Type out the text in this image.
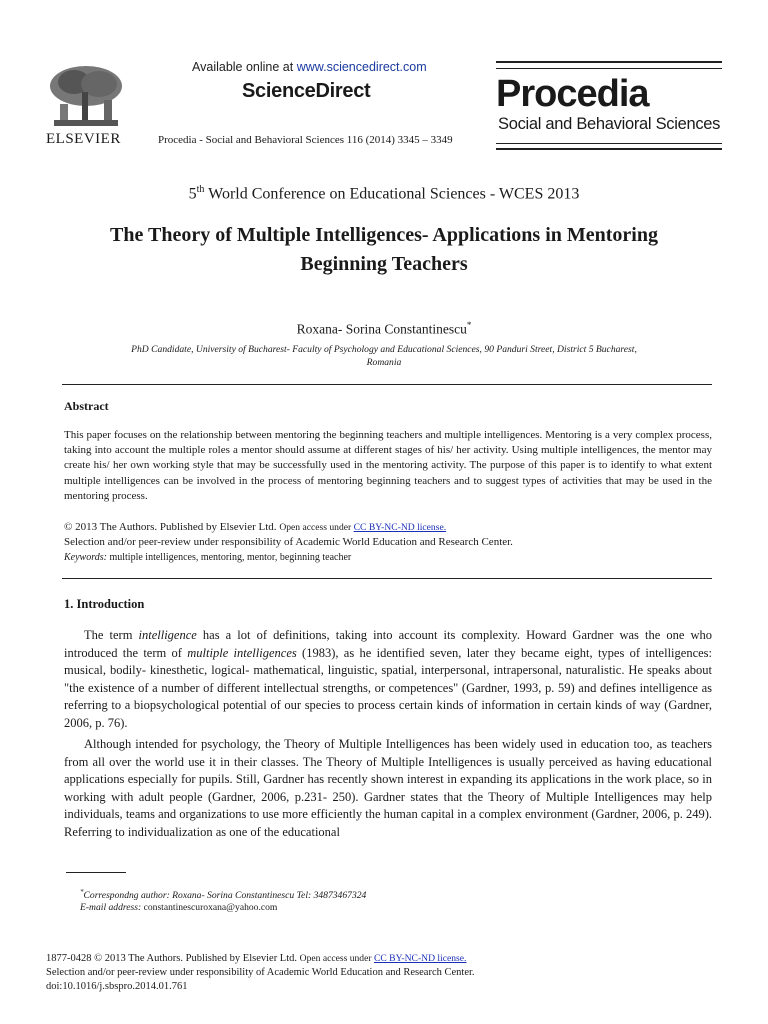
ELSEVIER
Available online at www.sciencedirect.com
ScienceDirect
Procedia - Social and Behavioral Sciences 116 (2014) 3345 – 3349
Procedia
Social and Behavioral Sciences
5th World Conference on Educational Sciences - WCES 2013
The Theory of Multiple Intelligences- Applications in Mentoring
Beginning Teachers
Roxana- Sorina Constantinescu*
PhD Candidate, University of Bucharest- Faculty of Psychology and Educational Sciences, 90 Panduri Street, District 5 Bucharest,
Romania
Abstract
This paper focuses on the relationship between mentoring the beginning teachers and multiple intelligences. Mentoring is a very complex process, taking into account the multiple roles a mentor should assume at different stages of his/ her activity. Using multiple intelligences, the mentor may create his/ her own working style that may be successfully used in the mentoring activity. The purpose of this paper is to identify to what extent multiple intelligences can be involved in the process of mentoring beginning teachers and to suggest types of activities that may be used in the mentoring process.
© 2013 The Authors. Published by Elsevier Ltd. Open access under CC BY-NC-ND license.
Selection and/or peer-review under responsibility of Academic World Education and Research Center.
Keywords: multiple intelligences, mentoring, mentor, beginning teacher
1. Introduction
The term intelligence has a lot of definitions, taking into account its complexity. Howard Gardner was the one who introduced the term of multiple intelligences (1983), as he identified seven, later they became eight, types of intelligences: musical, bodily- kinesthetic, logical- mathematical, linguistic, spatial, interpersonal, intrapersonal, naturalistic. He speaks about "the existence of a number of different intellectual strengths, or competences" (Gardner, 1993, p. 59) and defines intelligence as referring to a biopsychological potential of our species to process certain kinds of information in certain kinds of way (Gardner, 2006, p. 76).
Although intended for psychology, the Theory of Multiple Intelligences has been widely used in education too, as teachers from all over the world use it in their classes. The Theory of Multiple Intelligences is usually perceived as having educational applications especially for pupils. Still, Gardner has recently shown interest in expanding its applications in the work place, so in working with adult people (Gardner, 2006, p.231- 250). Gardner states that the Theory of Multiple Intelligences may help individuals, teams and organizations to use more efficiently the human capital in a complex environment (Gardner, 2006, p. 249). Referring to individualization as one of the educational
*Correspondng author: Roxana- Sorina Constantinescu Tel: 34873467324
E-mail address: constantinescuroxana@yahoo.com
1877-0428 © 2013 The Authors. Published by Elsevier Ltd. Open access under CC BY-NC-ND license.
Selection and/or peer-review under responsibility of Academic World Education and Research Center.
doi:10.1016/j.sbspro.2014.01.761
